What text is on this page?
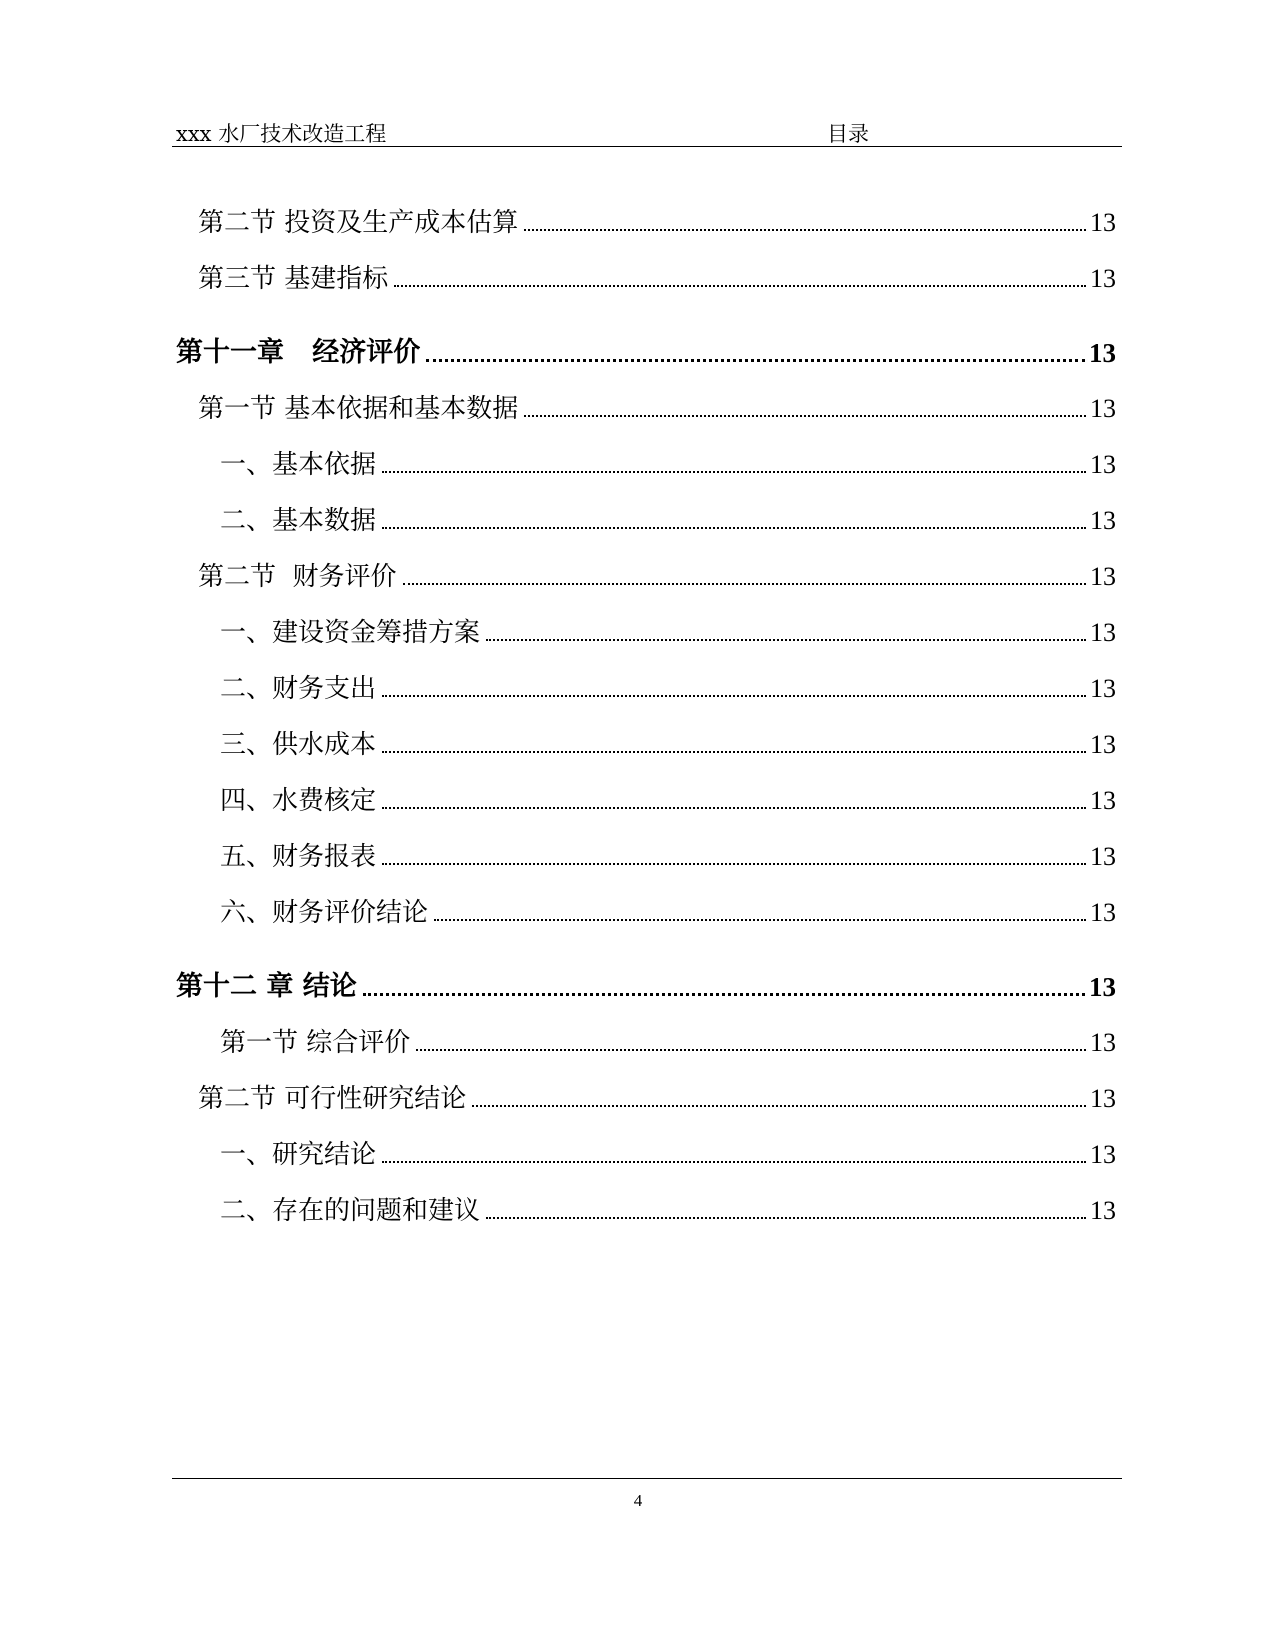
xxx 水厂技术改造工程	目录
第二节 投资及生产成本估算	13
第三节 基建指标	13
第十一章   经济评价	13
第一节 基本依据和基本数据	13
一、基本依据	13
二、基本数据	13
第二节  财务评价	13
一、建设资金筹措方案	13
二、财务支出	13
三、供水成本	13
四、水费核定	13
五、财务报表	13
六、财务评价结论	13
第十二 章 结论	13
第一节 综合评价	13
第二节 可行性研究结论	13
一、研究结论	13
二、存在的问题和建议	13
4
